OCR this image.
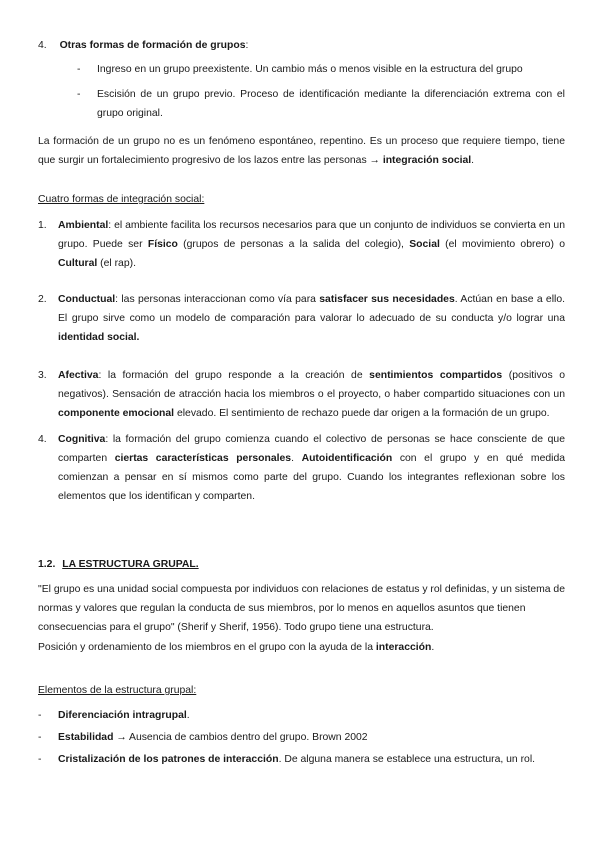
4. Otras formas de formación de grupos:
- Ingreso en un grupo preexistente. Un cambio más o menos visible en la estructura del grupo
- Escisión de un grupo previo. Proceso de identificación mediante la diferenciación extrema con el grupo original.
La formación de un grupo no es un fenómeno espontáneo, repentino. Es un proceso que requiere tiempo, tiene que surgir un fortalecimiento progresivo de los lazos entre las personas → integración social.
Cuatro formas de integración social:
1. Ambiental: el ambiente facilita los recursos necesarios para que un conjunto de individuos se convierta en un grupo. Puede ser Físico (grupos de personas a la salida del colegio), Social (el movimiento obrero) o Cultural (el rap).
2. Conductual: las personas interaccionan como vía para satisfacer sus necesidades. Actúan en base a ello. El grupo sirve como un modelo de comparación para valorar lo adecuado de su conducta y/o lograr una identidad social.
3. Afectiva: la formación del grupo responde a la creación de sentimientos compartidos (positivos o negativos). Sensación de atracción hacia los miembros o el proyecto, o haber compartido situaciones con un componente emocional elevado. El sentimiento de rechazo puede dar origen a la formación de un grupo.
4. Cognitiva: la formación del grupo comienza cuando el colectivo de personas se hace consciente de que comparten ciertas características personales. Autoidentificación con el grupo y en qué medida comienzan a pensar en sí mismos como parte del grupo. Cuando los integrantes reflexionan sobre los elementos que los identifican y comparten.
1.2. LA ESTRUCTURA GRUPAL.
"El grupo es una unidad social compuesta por individuos con relaciones de estatus y rol definidas, y un sistema de normas y valores que regulan la conducta de sus miembros, por lo menos en aquellos asuntos que tienen consecuencias para el grupo" (Sherif y Sherif, 1956). Todo grupo tiene una estructura.
Posición y ordenamiento de los miembros en el grupo con la ayuda de la interacción.
Elementos de la estructura grupal:
- Diferenciación intragrupal.
- Estabilidad → Ausencia de cambios dentro del grupo. Brown 2002
- Cristalización de los patrones de interacción. De alguna manera se establece una estructura, un rol.
